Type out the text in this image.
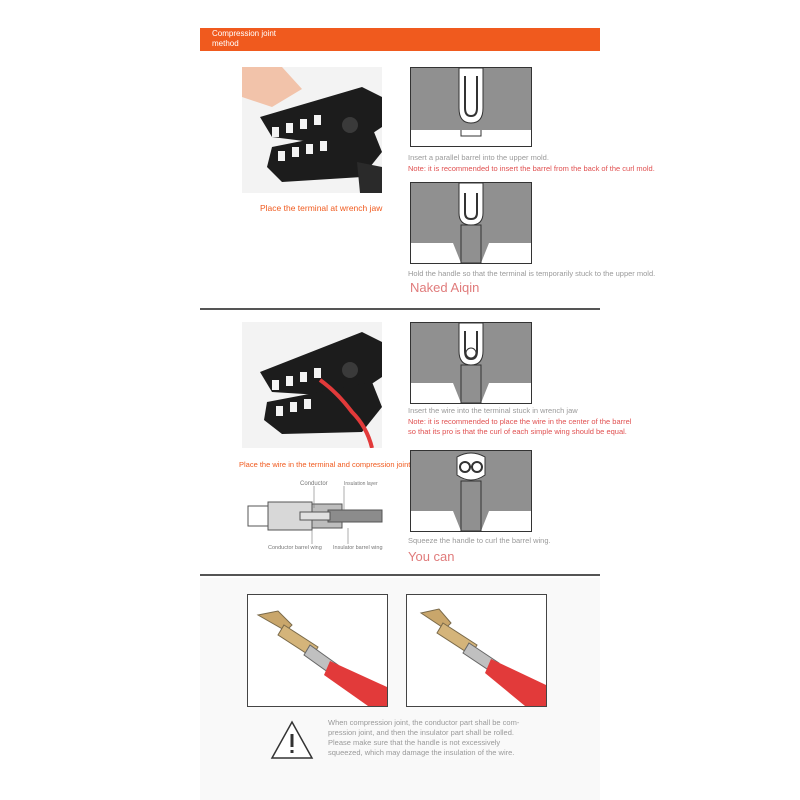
Compression joint
method
Place the terminal at wrench jaw
Insert a parallel barrel into the upper mold.
Note: it is recommended to insert the barrel from the back of the curl mold.
Hold the handle so that the terminal is temporarily stuck to the upper mold.
Naked Aiqin
Place the wire in the terminal and compression joint
Conductor	Insulation layer
Conductor barrel wing Insulator barrel wing
Insert the wire into the terminal stuck in wrench jaw
Note: it is recommended to place the wire in the center of the barrel
so that its pro is that the curl of each simple wing should be equal.
Squeeze the handle to curl the barrel wing.
You can
When compression joint, the conductor part shall be com-
pression joint, and then the insulator part shall be rolled.
Please make sure that the handle is not excessively
squeezed, which may damage the insulation of the wire.
